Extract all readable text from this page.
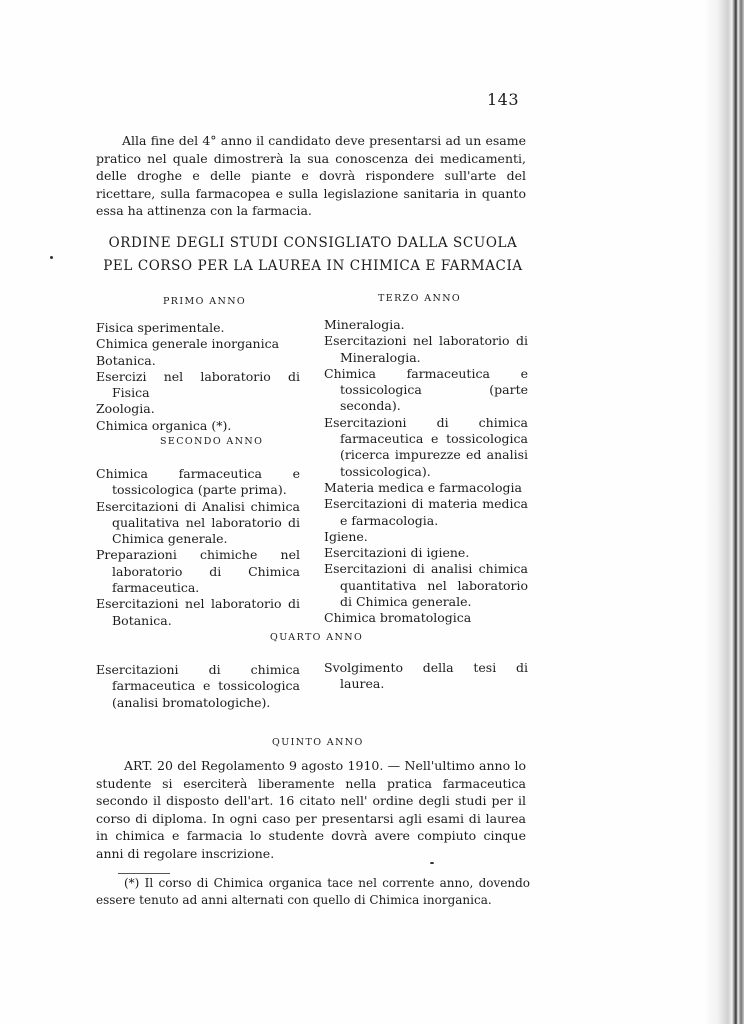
143

Alla fine del 4° anno il candidato deve presentarsi ad un esame pratico nel quale dimostrerà la sua conoscenza dei medicamenti, delle droghe e delle piante e dovrà rispondere sull'arte del ricettare, sulla farmacopea e sulla legislazione sanitaria in quanto essa ha attinenza con la farmacia.

ORDINE DEGLI STUDI CONSIGLIATO DALLA SCUOLA
PEL CORSO PER LA LAUREA IN CHIMICA E FARMACIA
PRIMO ANNO
Fisica sperimentale.
Chimica generale inorganica
Botanica.
Esercizi nel laboratorio di Fisica
Zoologia.
Chimica organica (*).
SECONDO ANNO
Chimica farmaceutica e tossicologica (parte prima).
Esercitazioni di Analisi chimica qualitativa nel laboratorio di Chimica generale.
Preparazioni chimiche nel laboratorio di Chimica farmaceutica.
Esercitazioni nel laboratorio di Botanica.
TERZO ANNO
Mineralogia.
Esercitazioni nel laboratorio di Mineralogia.
Chimica farmaceutica e tossicologica (parte seconda).
Esercitazioni di chimica farmaceutica e tossicologica (ricerca impurezze ed analisi tossicologica).
Materia medica e farmacologia
Esercitazioni di materia medica e farmacologia.
Igiene.
Esercitazioni di igiene.
Esercitazioni di analisi chimica quantitativa nel laboratorio di Chimica generale.
Chimica bromatologica
QUARTO ANNO
Esercitazioni di chimica farmaceutica e tossicologica (analisi bromatologiche).
Svolgimento della tesi di laurea.
QUINTO ANNO

ART. 20 del Regolamento 9 agosto 1910. — Nell'ultimo anno lo studente si eserciterà liberamente nella pratica farmaceutica secondo il disposto dell'art. 16 citato nell' ordine degli studi per il corso di diploma. In ogni caso per presentarsi agli esami di laurea in chimica e farmacia lo studente dovrà avere compiuto cinque anni di regolare inscrizione.

(*) Il corso di Chimica organica tace nel corrente anno, dovendo essere tenuto ad anni alternati con quello di Chimica inorganica.
